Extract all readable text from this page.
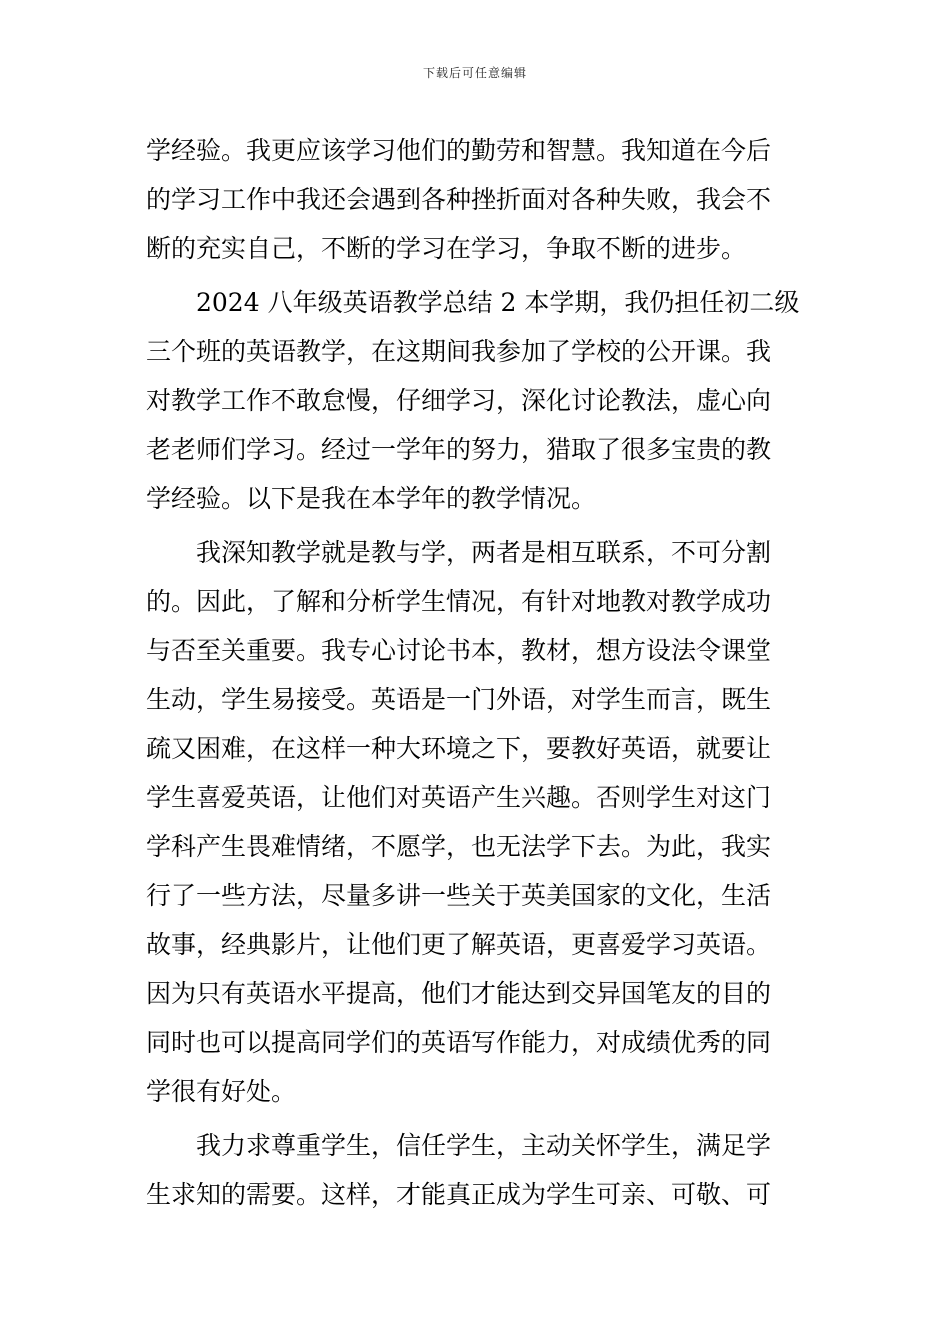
下载后可任意编辑
学经验。我更应该学习他们的勤劳和智慧。我知道在今后
的学习工作中我还会遇到各种挫折面对各种失败，我会不
断的充实自己，不断的学习在学习，争取不断的进步。
2024 八年级英语教学总结 2 本学期，我仍担任初二级
三个班的英语教学，在这期间我参加了学校的公开课。我
对教学工作不敢怠慢，仔细学习，深化讨论教法，虚心向
老老师们学习。经过一学年的努力，猎取了很多宝贵的教
学经验。以下是我在本学年的教学情况。
我深知教学就是教与学，两者是相互联系，不可分割
的。因此，了解和分析学生情况，有针对地教对教学成功
与否至关重要。我专心讨论书本，教材，想方设法令课堂
生动，学生易接受。英语是一门外语，对学生而言，既生
疏又困难，在这样一种大环境之下，要教好英语，就要让
学生喜爱英语，让他们对英语产生兴趣。否则学生对这门
学科产生畏难情绪，不愿学，也无法学下去。为此，我实
行了一些方法，尽量多讲一些关于英美国家的文化，生活
故事，经典影片，让他们更了解英语，更喜爱学习英语。
因为只有英语水平提高，他们才能达到交异国笔友的目的
同时也可以提高同学们的英语写作能力，对成绩优秀的同
学很有好处。
我力求尊重学生，信任学生，主动关怀学生，满足学
生求知的需要。这样，才能真正成为学生可亲、可敬、可
